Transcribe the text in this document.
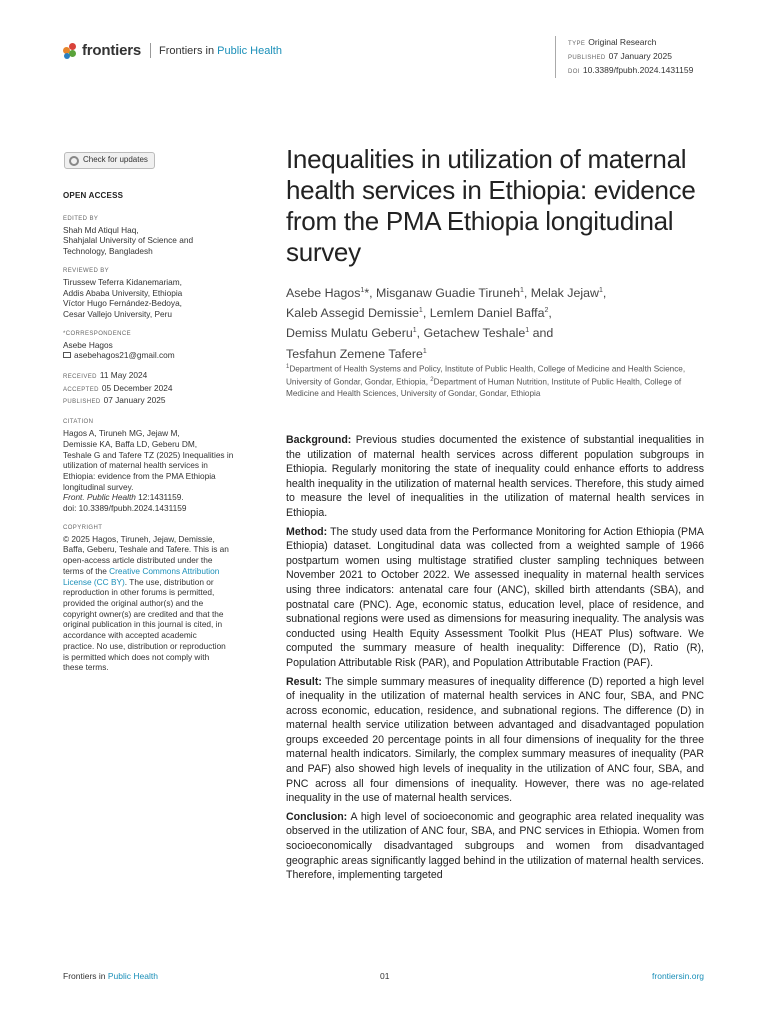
frontiers Frontiers in Public Health
TYPE Original Research
PUBLISHED 07 January 2025
DOI 10.3389/fpubh.2024.1431159
Check for updates
OPEN ACCESS
EDITED BY
Shah Md Atiqul Haq,
Shahjalal University of Science and
Technology, Bangladesh
REVIEWED BY
Tirussew Teferra Kidanemariam,
Addis Ababa University, Ethiopia
Víctor Hugo Fernández-Bedoya,
Cesar Vallejo University, Peru
*CORRESPONDENCE
Asebe Hagos
asebehagos21@gmail.com
RECEIVED 11 May 2024
ACCEPTED 05 December 2024
PUBLISHED 07 January 2025
CITATION
Hagos A, Tiruneh MG, Jejaw M,
Demissie KA, Baffa LD, Geberu DM,
Teshale G and Tafere TZ (2025) Inequalities in
utilization of maternal health services in
Ethiopia: evidence from the PMA Ethiopia
longitudinal survey.
Front. Public Health 12:1431159.
doi: 10.3389/fpubh.2024.1431159
COPYRIGHT
© 2025 Hagos, Tiruneh, Jejaw, Demissie,
Baffa, Geberu, Teshale and Tafere. This is an
open-access article distributed under the
terms of the Creative Commons Attribution
License (CC BY). The use, distribution or
reproduction in other forums is permitted,
provided the original author(s) and the
copyright owner(s) are credited and that the
original publication in this journal is cited, in
accordance with accepted academic
practice. No use, distribution or reproduction
is permitted which does not comply with
these terms.
Inequalities in utilization of maternal health services in Ethiopia: evidence from the PMA Ethiopia longitudinal survey
Asebe Hagos$^1$*, Misganaw Guadie Tiruneh$^1$, Melak Jejaw$^1$,
Kaleb Assegid Demissie$^1$, Lemlem Daniel Baffa$^2$,
Demiss Mulatu Geberu$^1$, Getachew Teshale$^1$ and
Tesfahun Zemene Tafere$^1$
$^1$Department of Health Systems and Policy, Institute of Public Health, College of Medicine and Health Science, University of Gondar, Gondar, Ethiopia, $^2$Department of Human Nutrition, Institute of Public Health, College of Medicine and Health Sciences, University of Gondar, Gondar, Ethiopia

Background: Previous studies documented the existence of substantial inequalities in the utilization of maternal health services across different population subgroups in Ethiopia. Regularly monitoring the state of inequality could enhance efforts to address health inequality in the utilization of maternal health services. Therefore, this study aimed to measure the level of inequalities in the utilization of maternal health services in Ethiopia.

Method: The study used data from the Performance Monitoring for Action Ethiopia (PMA Ethiopia) dataset. Longitudinal data was collected from a weighted sample of 1966 postpartum women using multistage stratified cluster sampling techniques between November 2021 to October 2022. We assessed inequality in maternal health services using three indicators: antenatal care four (ANC), skilled birth attendants (SBA), and postnatal care (PNC). Age, economic status, education level, place of residence, and subnational regions were used as dimensions for measuring inequality. The analysis was conducted using Health Equity Assessment Toolkit Plus (HEAT Plus) software. We computed the summary measure of health inequality: Difference (D), Ratio (R), Population Attributable Risk (PAR), and Population Attributable Fraction (PAF).

Result: The simple summary measures of inequality difference (D) reported a high level of inequality in the utilization of maternal health services in ANC four, SBA, and PNC across economic, education, residence, and subnational regions. The difference (D) in maternal health service utilization between advantaged and disadvantaged population groups exceeded 20 percentage points in all four dimensions of inequality for the three maternal health indicators. Similarly, the complex summary measures of inequality (PAR and PAF) also showed high levels of inequality in the utilization of ANC four, SBA, and PNC across all four dimensions of inequality. However, there was no age-related inequality in the use of maternal health services.

Conclusion: A high level of socioeconomic and geographic area related inequality was observed in the utilization of ANC four, SBA, and PNC services in Ethiopia. Women from socioeconomically disadvantaged subgroups and women from disadvantaged geographic areas significantly lagged behind in the utilization of maternal health services. Therefore, implementing targeted

Frontiers in Public Health	01	frontiersin.org
